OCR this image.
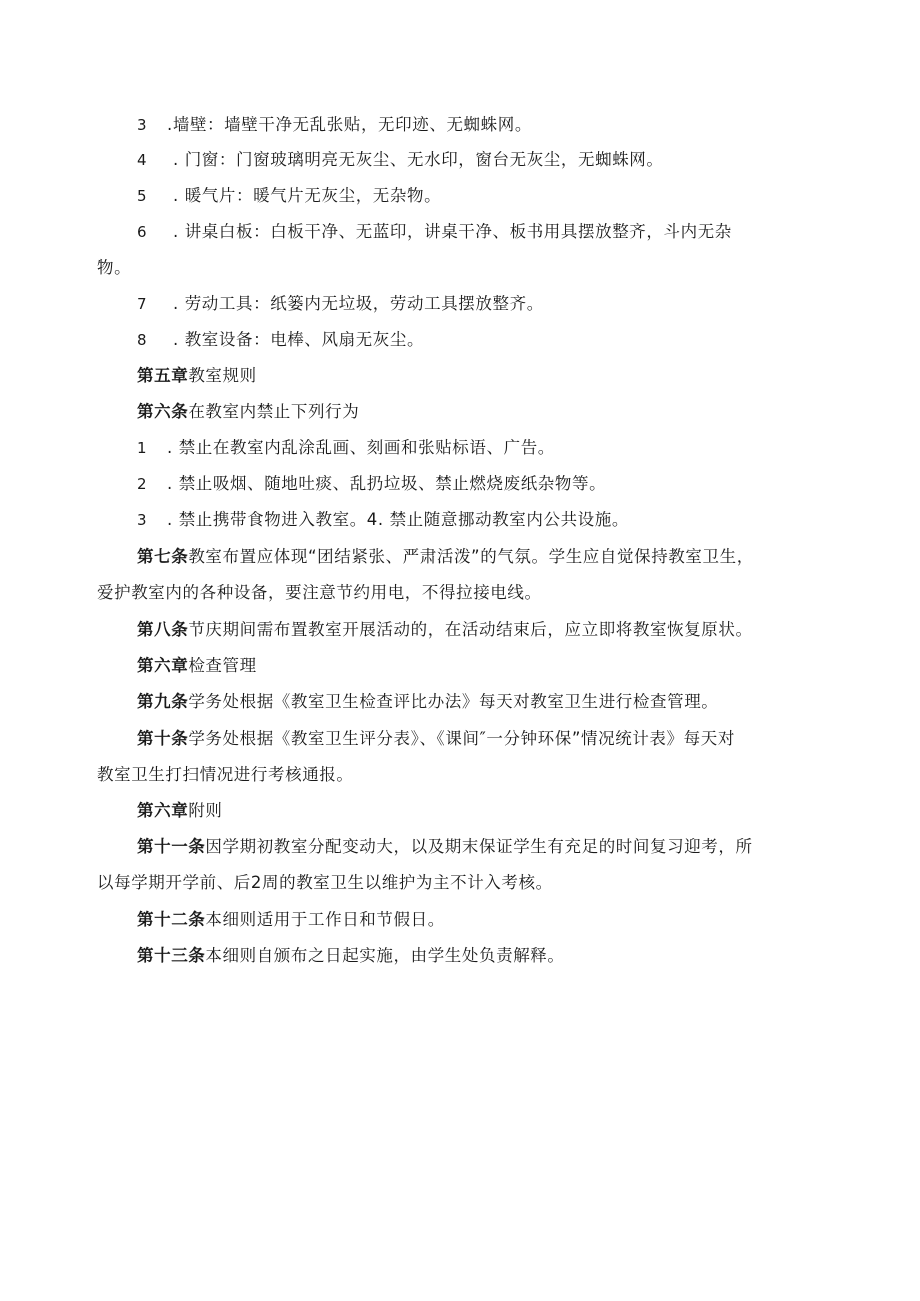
3 .墙壁：墙壁干净无乱张贴，无印迹、无蜘蛛网。
4 . 门窗：门窗玻璃明亮无灰尘、无水印，窗台无灰尘，无蜘蛛网。
5 . 暖气片：暖气片无灰尘，无杂物。
6 . 讲桌白板：白板干净、无蓝印，讲桌干净、板书用具摆放整齐，斗内无杂
物。
7 . 劳动工具：纸篓内无垃圾，劳动工具摆放整齐。
8 . 教室设备：电棒、风扇无灰尘。
第五章教室规则
第六条在教室内禁止下列行为
1 . 禁止在教室内乱涂乱画、刻画和张贴标语、广告。
2 . 禁止吸烟、随地吐痰、乱扔垃圾、禁止燃烧废纸杂物等。
3 . 禁止携带食物进入教室。4. 禁止随意挪动教室内公共设施。
第七条教室布置应体现“团结紧张、严肃活泼”的气氛。学生应自觉保持教室卫生，
爱护教室内的各种设备，要注意节约用电，不得拉接电线。
第八条节庆期间需布置教室开展活动的，在活动结束后，应立即将教室恢复原状。
第六章检查管理
第九条学务处根据《教室卫生检查评比办法》每天对教室卫生进行检查管理。
第十条学务处根据《教室卫生评分表》、《课间″一分钟环保”情况统计表》每天对
教室卫生打扫情况进行考核通报。
第六章附则
第十一条因学期初教室分配变动大，以及期末保证学生有充足的时间复习迎考，所
以每学期开学前、后2周的教室卫生以维护为主不计入考核。
第十二条本细则适用于工作日和节假日。
第十三条本细则自颁布之日起实施，由学生处负责解释。
